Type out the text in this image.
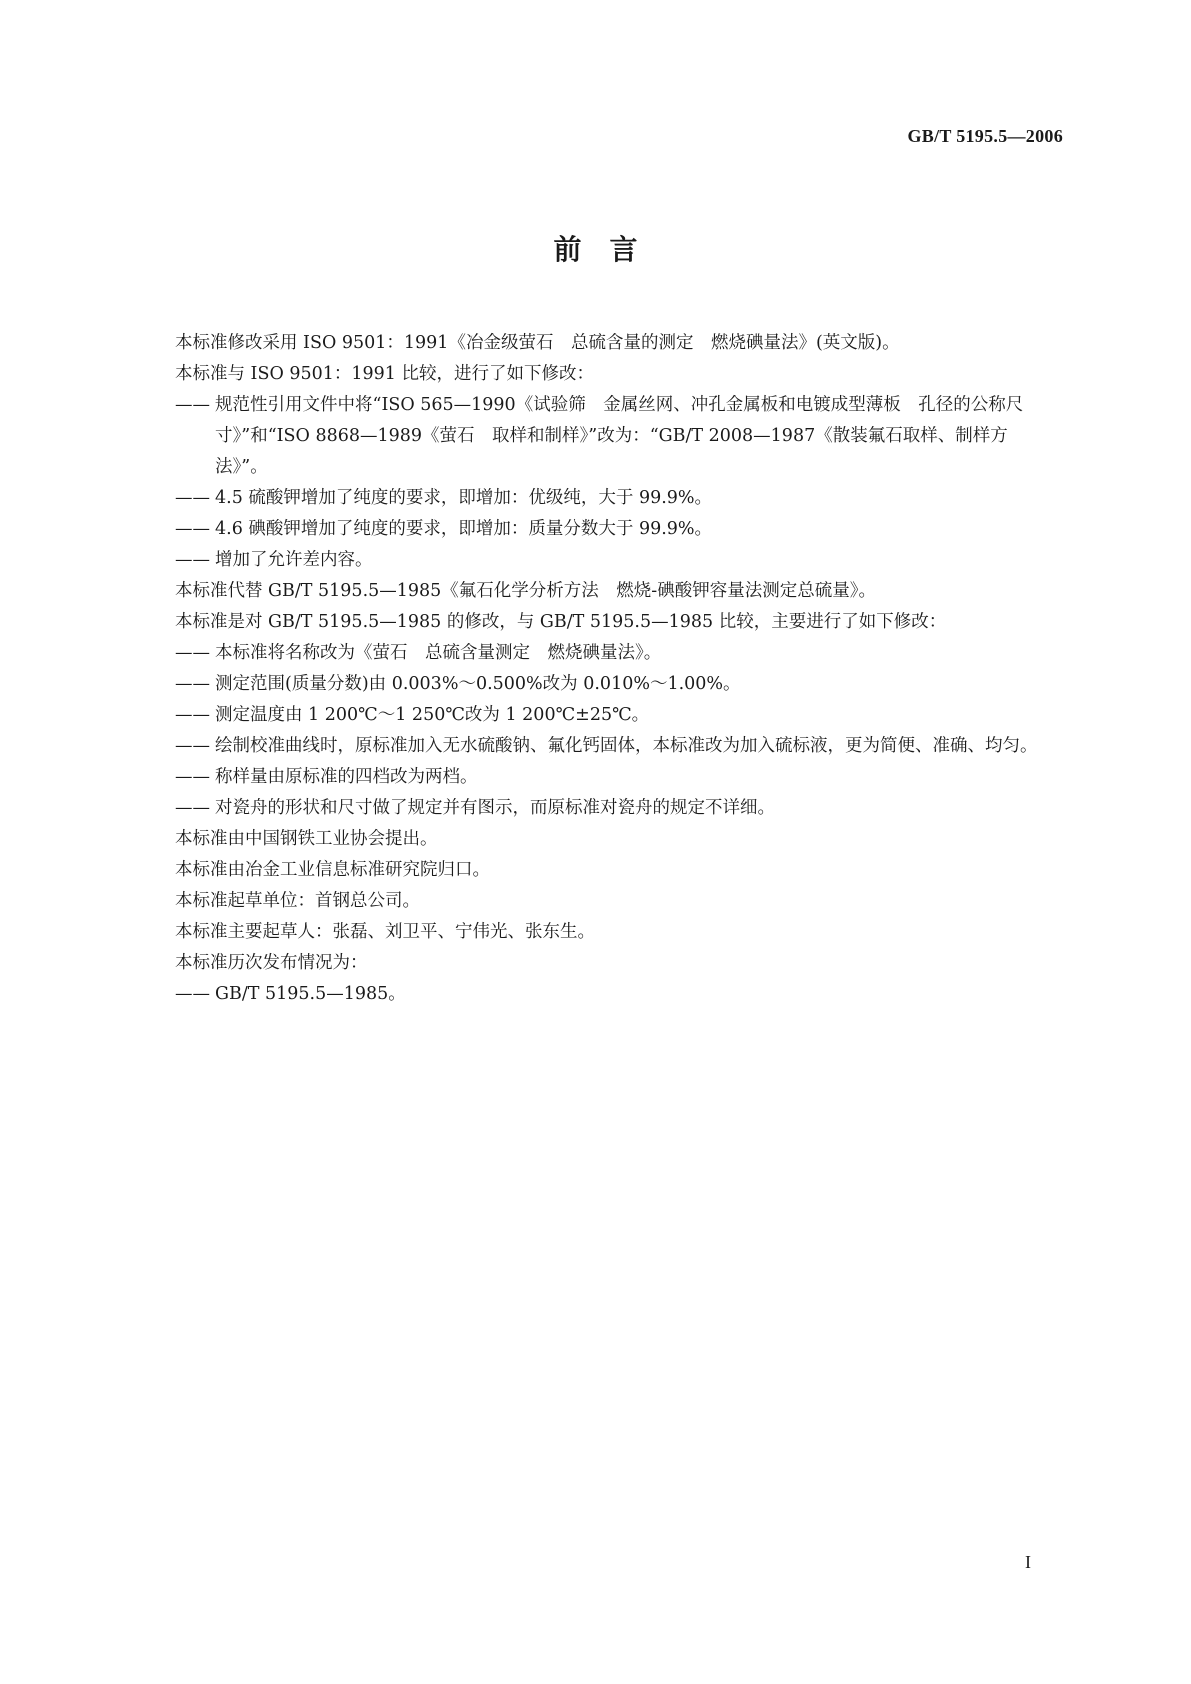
GB/T 5195.5—2006
前　言
本标准修改采用 ISO 9501：1991《冶金级萤石　总硫含量的测定　燃烧碘量法》(英文版)。
本标准与 ISO 9501：1991 比较，进行了如下修改：
—— 规范性引用文件中将“ISO 565—1990《试验筛　金属丝网、冲孔金属板和电镀成型薄板　孔径的公称尺寸》”和“ISO 8868—1989《萤石　取样和制样》”改为：“GB/T 2008—1987《散装氟石取样、制样方法》”。
—— 4.5 硫酸钾增加了纯度的要求，即增加：优级纯，大于 99.9%。
—— 4.6 碘酸钾增加了纯度的要求，即增加：质量分数大于 99.9%。
—— 增加了允许差内容。
本标准代替 GB/T 5195.5—1985《氟石化学分析方法　燃烧-碘酸钾容量法测定总硫量》。
本标准是对 GB/T 5195.5—1985 的修改，与 GB/T 5195.5—1985 比较，主要进行了如下修改：
—— 本标准将名称改为《萤石　总硫含量测定　燃烧碘量法》。
—— 测定范围(质量分数)由 0.003%～0.500%改为 0.010%～1.00%。
—— 测定温度由 1 200℃～1 250℃改为 1 200℃±25℃。
—— 绘制校准曲线时，原标准加入无水硫酸钠、氟化钙固体，本标准改为加入硫标液，更为简便、准确、均匀。
—— 称样量由原标准的四档改为两档。
—— 对瓷舟的形状和尺寸做了规定并有图示，而原标准对瓷舟的规定不详细。
本标准由中国钢铁工业协会提出。
本标准由冶金工业信息标准研究院归口。
本标准起草单位：首钢总公司。
本标准主要起草人：张磊、刘卫平、宁伟光、张东生。
本标准历次发布情况为：
—— GB/T 5195.5—1985。
I
